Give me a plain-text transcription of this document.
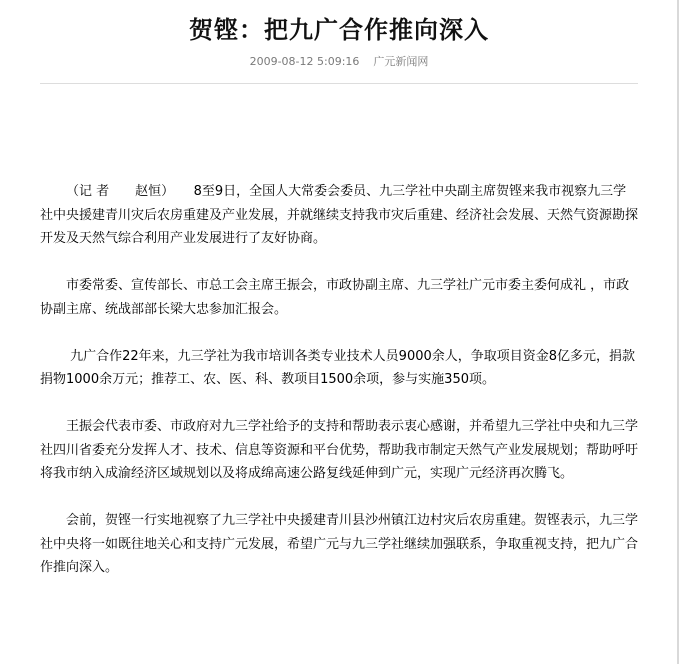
贺铿：把九广合作推向深入
2009-08-12 5:09:16 广元新闻网

（记 者　　赵恒）　　8至9日，全国人大常委会委员、九三学社中央副主席贺铿来我市视察九三学社中央援建青川灾后农房重建及产业发展，并就继续支持我市灾后重建、经济社会发展、天然气资源勘探开发及天然气综合利用产业发展进行了友好协商。

市委常委、宣传部长、市总工会主席王振会，市政协副主席、九三学社广元市委主委何成礼 ，市政协副主席、统战部部长梁大忠参加汇报会。

九广合作22年来，九三学社为我市培训各类专业技术人员9000余人，争取项目资金8亿多元，捐款捐物1000余万元；推荐工、农、医、科、教项目1500余项，参与实施350项。

王振会代表市委、市政府对九三学社给予的支持和帮助表示衷心感谢，并希望九三学社中央和九三学社四川省委充分发挥人才、技术、信息等资源和平台优势，帮助我市制定天然气产业发展规划；帮助呼吁将我市纳入成渝经济区域规划以及将成绵高速公路复线延伸到广元，实现广元经济再次腾飞。

会前，贺铿一行实地视察了九三学社中央援建青川县沙州镇江边村灾后农房重建。贺铿表示，九三学社中央将一如既往地关心和支持广元发展，希望广元与九三学社继续加强联系，争取重视支持，把九广合作推向深入。
